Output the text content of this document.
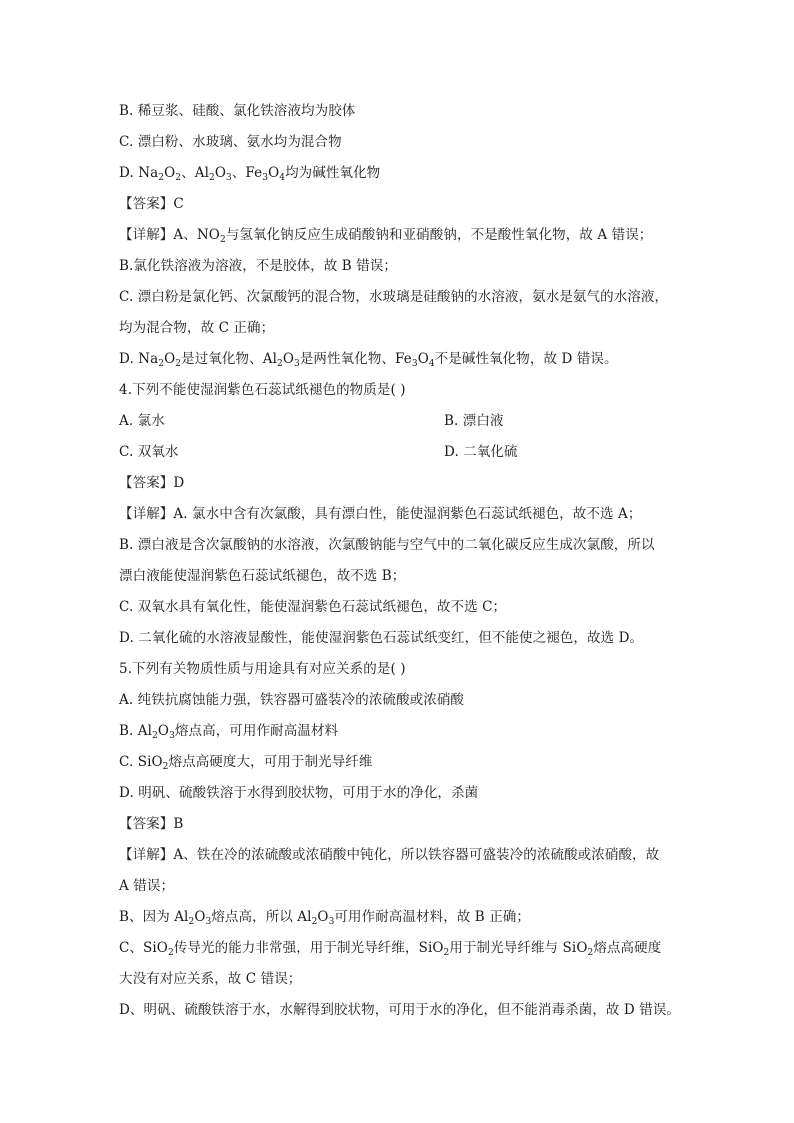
B. 稀豆浆、硅酸、氯化铁溶液均为胶体
C. 漂白粉、水玻璃、氨水均为混合物
D. $Na_2O_2$、$Al_2O_3$、$Fe_3O_4$均为碱性氧化物
【答案】C
【详解】A、$NO_2$与氢氧化钠反应生成硝酸钠和亚硝酸钠，不是酸性氧化物，故 A 错误；
B.氯化铁溶液为溶液，不是胶体，故 B 错误；
C. 漂白粉是氯化钙、次氯酸钙的混合物，水玻璃是硅酸钠的水溶液，氨水是氨气的水溶液，
均为混合物，故 C 正确；
D. $Na_2O_2$是过氧化物、$Al_2O_3$是两性氧化物、$Fe_3O_4$不是碱性氧化物，故 D 错误。
4.下列不能使湿润紫色石蕊试纸褪色的物质是( )
A. 氯水	B. 漂白液
C. 双氧水	D. 二氧化硫
【答案】D
【详解】A. 氯水中含有次氯酸，具有漂白性，能使湿润紫色石蕊试纸褪色，故不选 A；
B. 漂白液是含次氯酸钠的水溶液，次氯酸钠能与空气中的二氧化碳反应生成次氯酸，所以
漂白液能使湿润紫色石蕊试纸褪色，故不选 B；
C. 双氧水具有氧化性，能使湿润紫色石蕊试纸褪色，故不选 C；
D. 二氧化硫的水溶液显酸性，能使湿润紫色石蕊试纸变红，但不能使之褪色，故选 D。
5.下列有关物质性质与用途具有对应关系的是( )
A. 纯铁抗腐蚀能力强，铁容器可盛装冷的浓硫酸或浓硝酸
B. $Al_2O_3$熔点高，可用作耐高温材料
C. SiO$_2$熔点高硬度大，可用于制光导纤维
D. 明矾、硫酸铁溶于水得到胶状物，可用于水的净化，杀菌
【答案】B
【详解】A、铁在冷的浓硫酸或浓硝酸中钝化，所以铁容器可盛装冷的浓硫酸或浓硝酸，故
A 错误；
B、因为 $Al_2O_3$熔点高，所以 $Al_2O_3$可用作耐高温材料，故 B 正确；
C、SiO$_2$传导光的能力非常强，用于制光导纤维，SiO$_2$用于制光导纤维与 SiO$_2$熔点高硬度
大没有对应关系，故 C 错误；
D、明矾、硫酸铁溶于水，水解得到胶状物，可用于水的净化，但不能消毒杀菌，故 D 错误。
